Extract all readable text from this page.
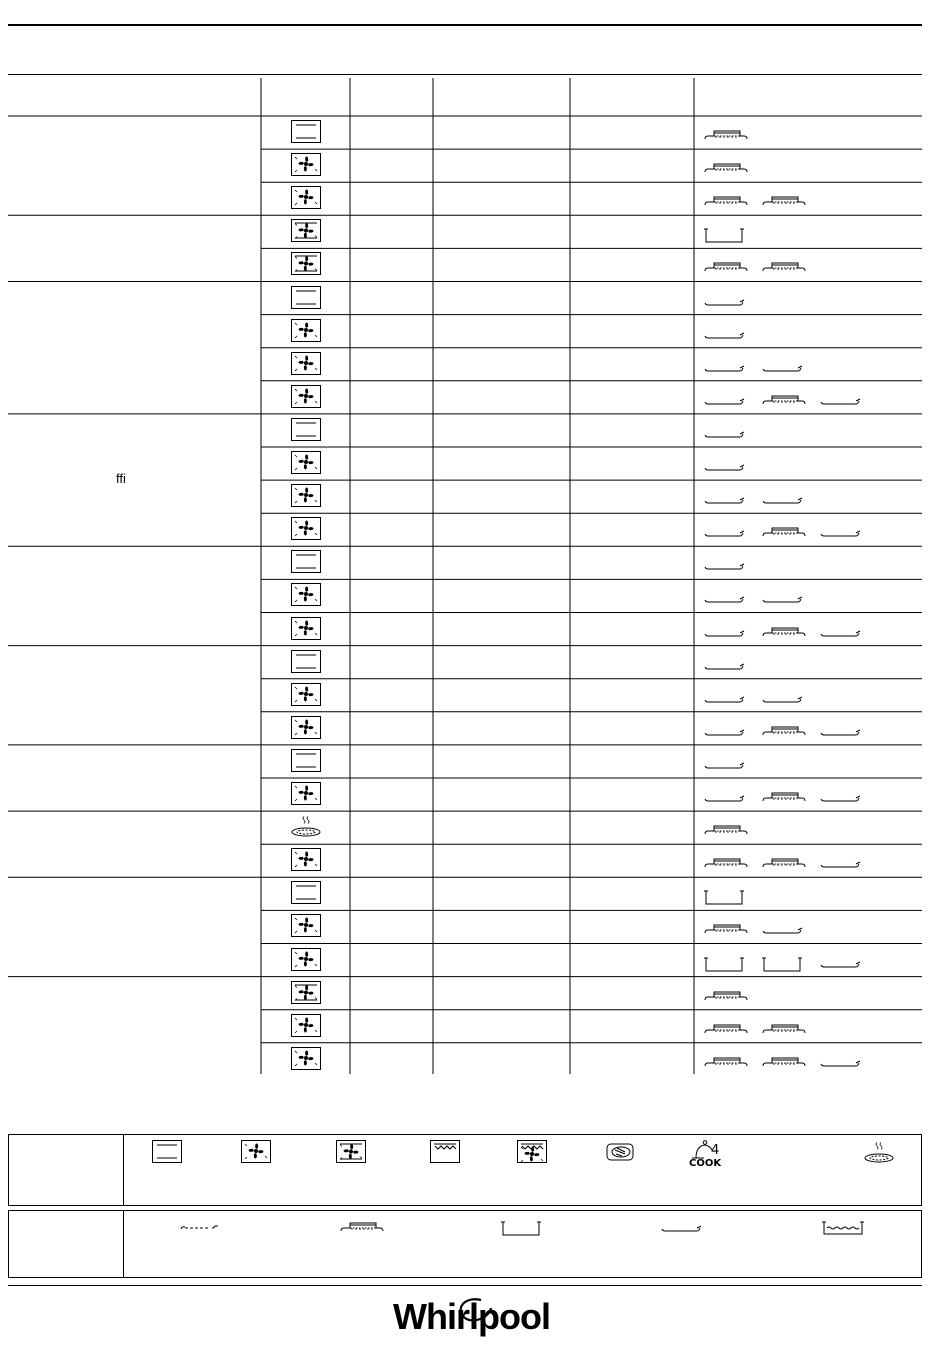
ffi
4
COOK
Whirlpool
